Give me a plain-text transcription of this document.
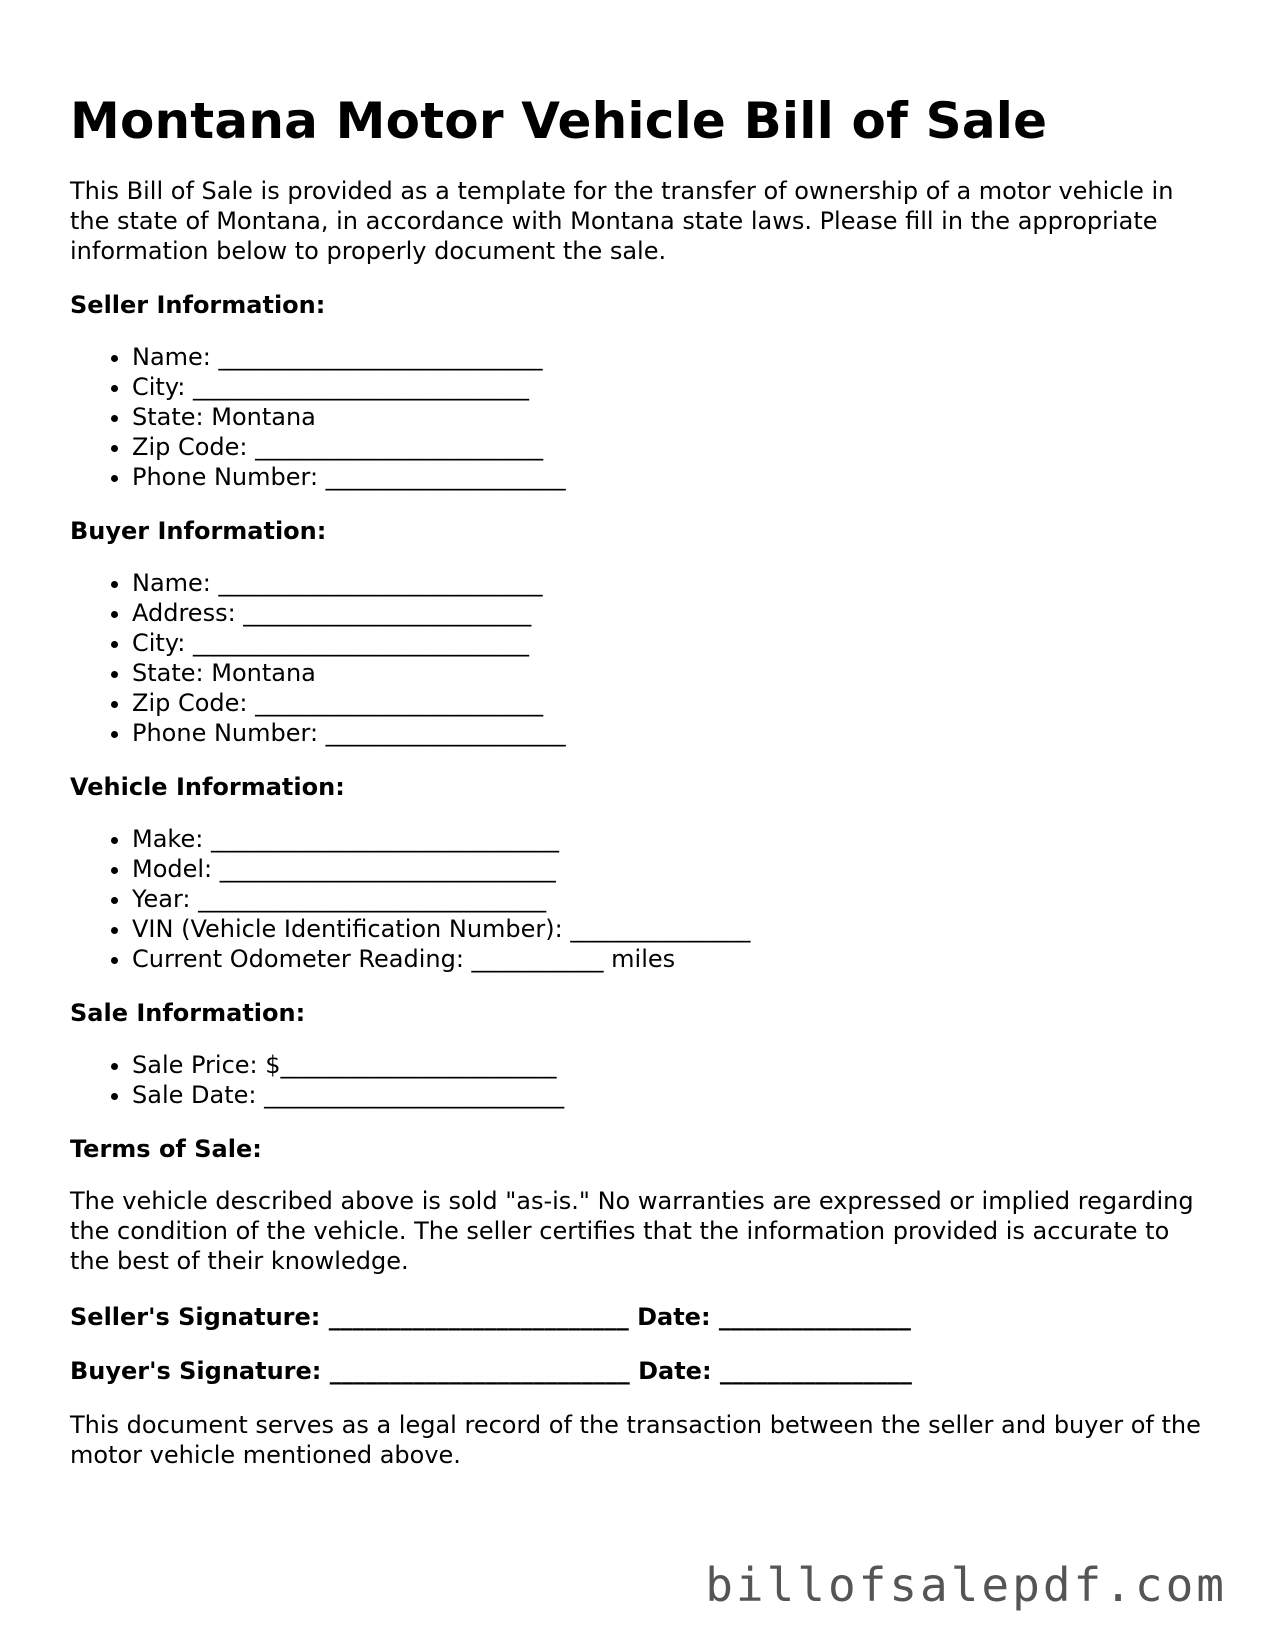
Montana Motor Vehicle Bill of Sale

This Bill of Sale is provided as a template for the transfer of ownership of a motor vehicle in the state of Montana, in accordance with Montana state laws. Please fill in the appropriate information below to properly document the sale.

Seller Information:
• Name: ___________________________
• City: ____________________________
• State: Montana
• Zip Code: ________________________
• Phone Number: ____________________
Buyer Information:
• Name: ___________________________
• Address: ________________________
• City: ____________________________
• State: Montana
• Zip Code: ________________________
• Phone Number: ____________________
Vehicle Information:
• Make: _____________________________
• Model: ____________________________
• Year: _____________________________
• VIN (Vehicle Identification Number): _______________
• Current Odometer Reading: ___________ miles
Sale Information:
• Sale Price: $_______________________
• Sale Date: _________________________
Terms of Sale:

The vehicle described above is sold "as-is." No warranties are expressed or implied regarding the condition of the vehicle. The seller certifies that the information provided is accurate to the best of their knowledge.

Seller's Signature: _________________________ Date: ________________
Buyer's Signature: _________________________ Date: ________________

This document serves as a legal record of the transaction between the seller and buyer of the motor vehicle mentioned above.

billofsalepdf.com
